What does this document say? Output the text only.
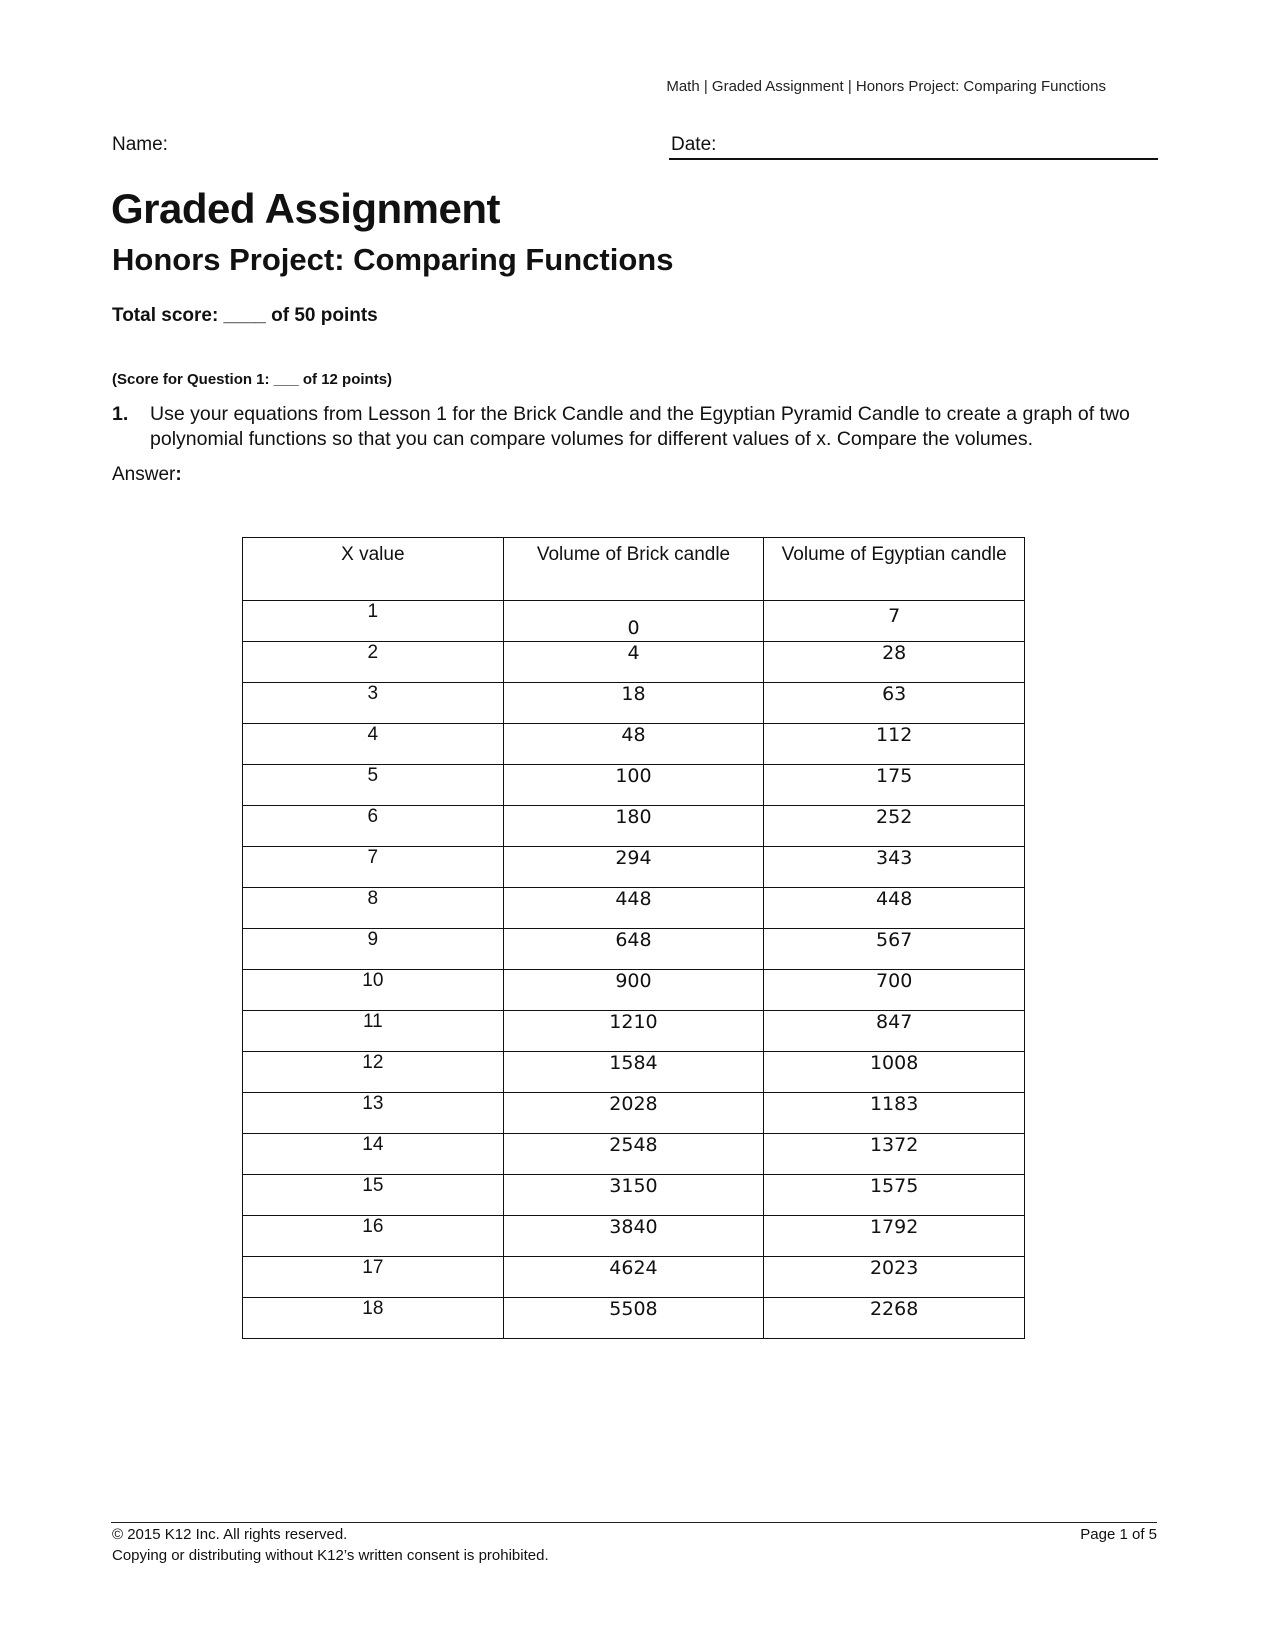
Math | Graded Assignment | Honors Project: Comparing Functions
Name:	Date:
Graded Assignment
Honors Project: Comparing Functions
Total score: ____ of 50 points
(Score for Question 1: ___ of 12 points)
1. Use your equations from Lesson 1 for the Brick Candle and the Egyptian Pyramid Candle to create a graph of two polynomial functions so that you can compare volumes for different values of x. Compare the volumes.
Answer:
X value	Volume of Brick candle	Volume of Egyptian candle
1	0	7
2	4	28
3	18	63
4	48	112
5	100	175
6	180	252
7	294	343
8	448	448
9	648	567
10	900	700
11	1210	847
12	1584	1008
13	2028	1183
14	2548	1372
15	3150	1575
16	3840	1792
17	4624	2023
18	5508	2268
© 2015 K12 Inc. All rights reserved.
Copying or distributing without K12’s written consent is prohibited.
Page 1 of 5
